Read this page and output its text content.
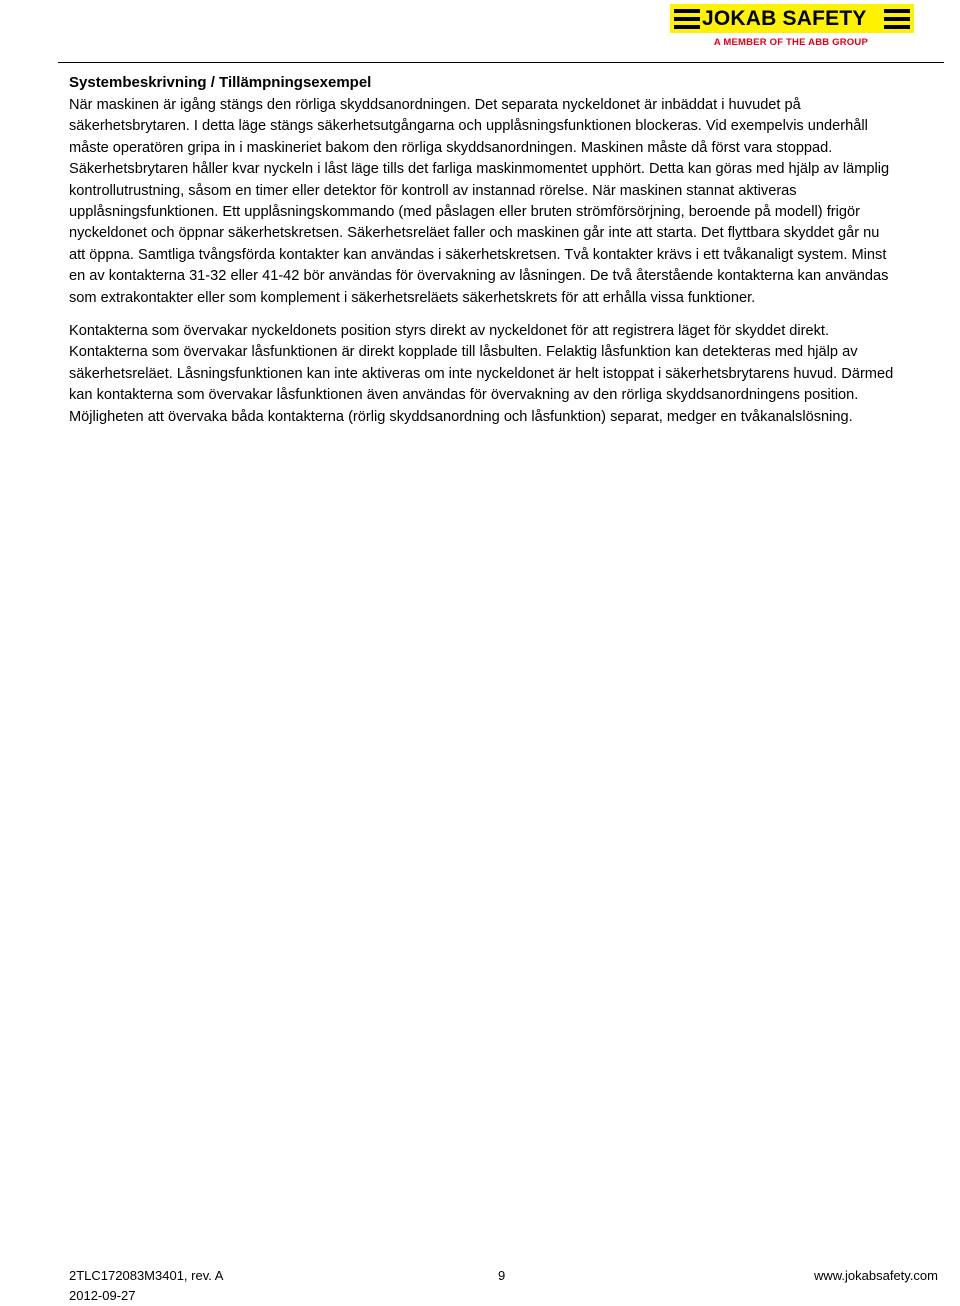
JOKAB SAFETY
A MEMBER OF THE ABB GROUP
Systembeskrivning / Tillämpningsexempel

När maskinen är igång stängs den rörliga skyddsanordningen. Det separata nyckeldonet är inbäddat i huvudet på säkerhetsbrytaren. I detta läge stängs säkerhetsutgångarna och upplåsningsfunktionen blockeras. Vid exempelvis underhåll måste operatören gripa in i maskineriet bakom den rörliga skyddsanordningen. Maskinen måste då först vara stoppad. Säkerhetsbrytaren håller kvar nyckeln i låst läge tills det farliga maskinmomentet upphört. Detta kan göras med hjälp av lämplig kontrollutrustning, såsom en timer eller detektor för kontroll av instannad rörelse. När maskinen stannat aktiveras upplåsningsfunktionen. Ett upplåsningskommando (med påslagen eller bruten strömförsörjning, beroende på modell) frigör nyckeldonet och öppnar säkerhetskretsen. Säkerhetsreläet faller och maskinen går inte att starta. Det flyttbara skyddet går nu att öppna. Samtliga tvångsförda kontakter kan användas i säkerhetskretsen. Två kontakter krävs i ett tvåkanaligt system. Minst en av kontakterna 31-32 eller 41-42 bör användas för övervakning av låsningen. De två återstående kontakterna kan användas som extrakontakter eller som komplement i säkerhetsreläets säkerhetskrets för att erhålla vissa funktioner.

Kontakterna som övervakar nyckeldonets position styrs direkt av nyckeldonet för att registrera läget för skyddet direkt. Kontakterna som övervakar låsfunktionen är direkt kopplade till låsbulten. Felaktig låsfunktion kan detekteras med hjälp av säkerhetsreläet. Låsningsfunktionen kan inte aktiveras om inte nyckeldonet är helt istoppat i säkerhetsbrytarens huvud. Därmed kan kontakterna som övervakar låsfunktionen även användas för övervakning av den rörliga skyddsanordningens position. Möjligheten att övervaka båda kontakterna (rörlig skyddsanordning och låsfunktion) separat, medger en tvåkanalslösning.

2TLC172083M3401, rev. A	9	www.jokabsafety.com
2012-09-27
